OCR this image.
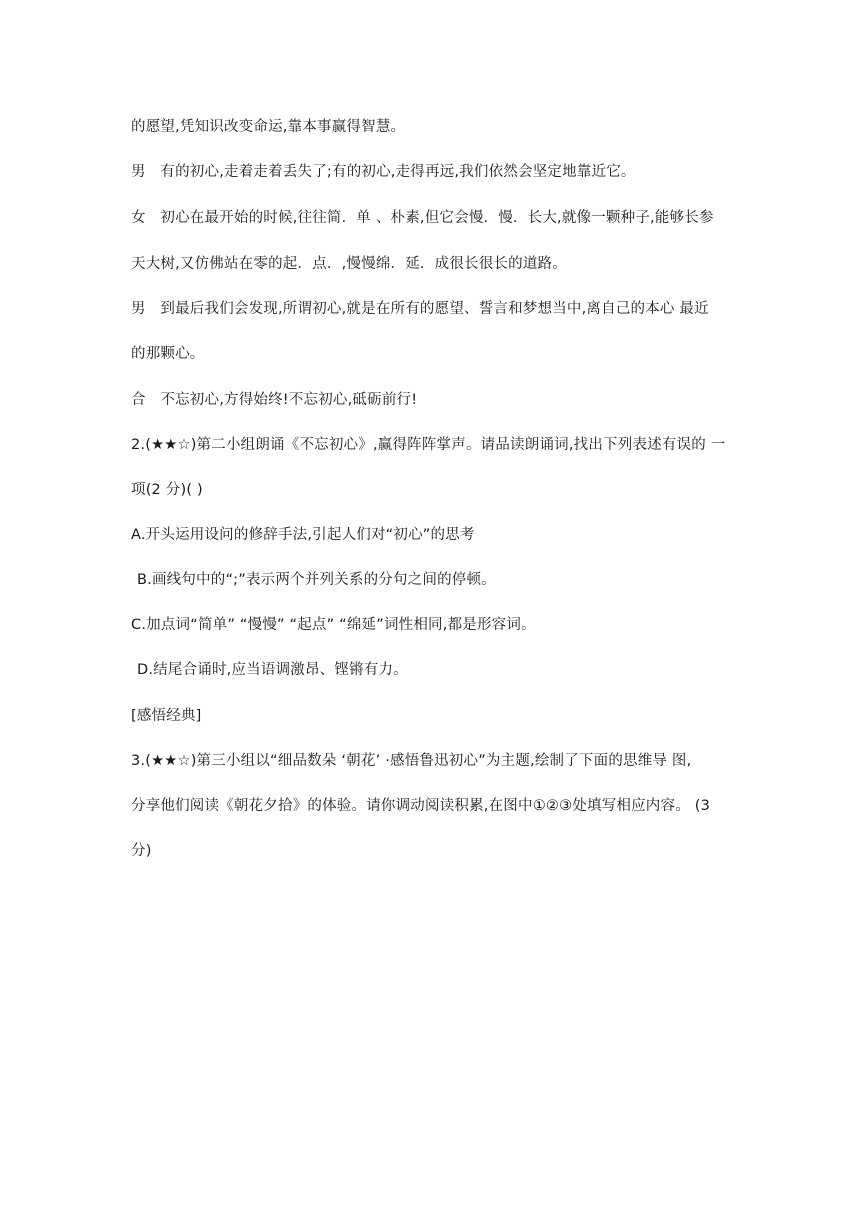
的愿望,凭知识改变命运,靠本事赢得智慧。
男　有的初心,走着走着丢失了;有的初心,走得再远,我们依然会坚定地靠近它。
女　初心在最开始的时候,往往简．单 、朴素,但它会慢．慢．长大,就像一颗种子,能够长参
天大树,又仿佛站在零的起．点．,慢慢绵．延．成很长很长的道路。
男　到最后我们会发现,所谓初心,就是在所有的愿望、誓言和梦想当中,离自己的本心 最近
的那颗心。
合　不忘初心,方得始终!不忘初心,砥砺前行!
2.(★★☆)第二小组朗诵《不忘初心》,赢得阵阵掌声。请品读朗诵词,找出下列表述有误的 一
项(2 分)( )
A.开头运用设问的修辞手法,引起人们对“初心”的思考
B.画线句中的“;”表示两个并列关系的分句之间的停顿。
C.加点词“简单” “慢慢” “起点” “绵延”词性相同,都是形容词。
D.结尾合诵时,应当语调激昂、铿锵有力。
[感悟经典]
3.(★★☆)第三小组以“细品数朵 ‘朝花’ ·感悟鲁迅初心”为主题,绘制了下面的思维导 图,
分享他们阅读《朝花夕拾》的体验。请你调动阅读积累,在图中①②③处填写相应内容。 (3
分)
